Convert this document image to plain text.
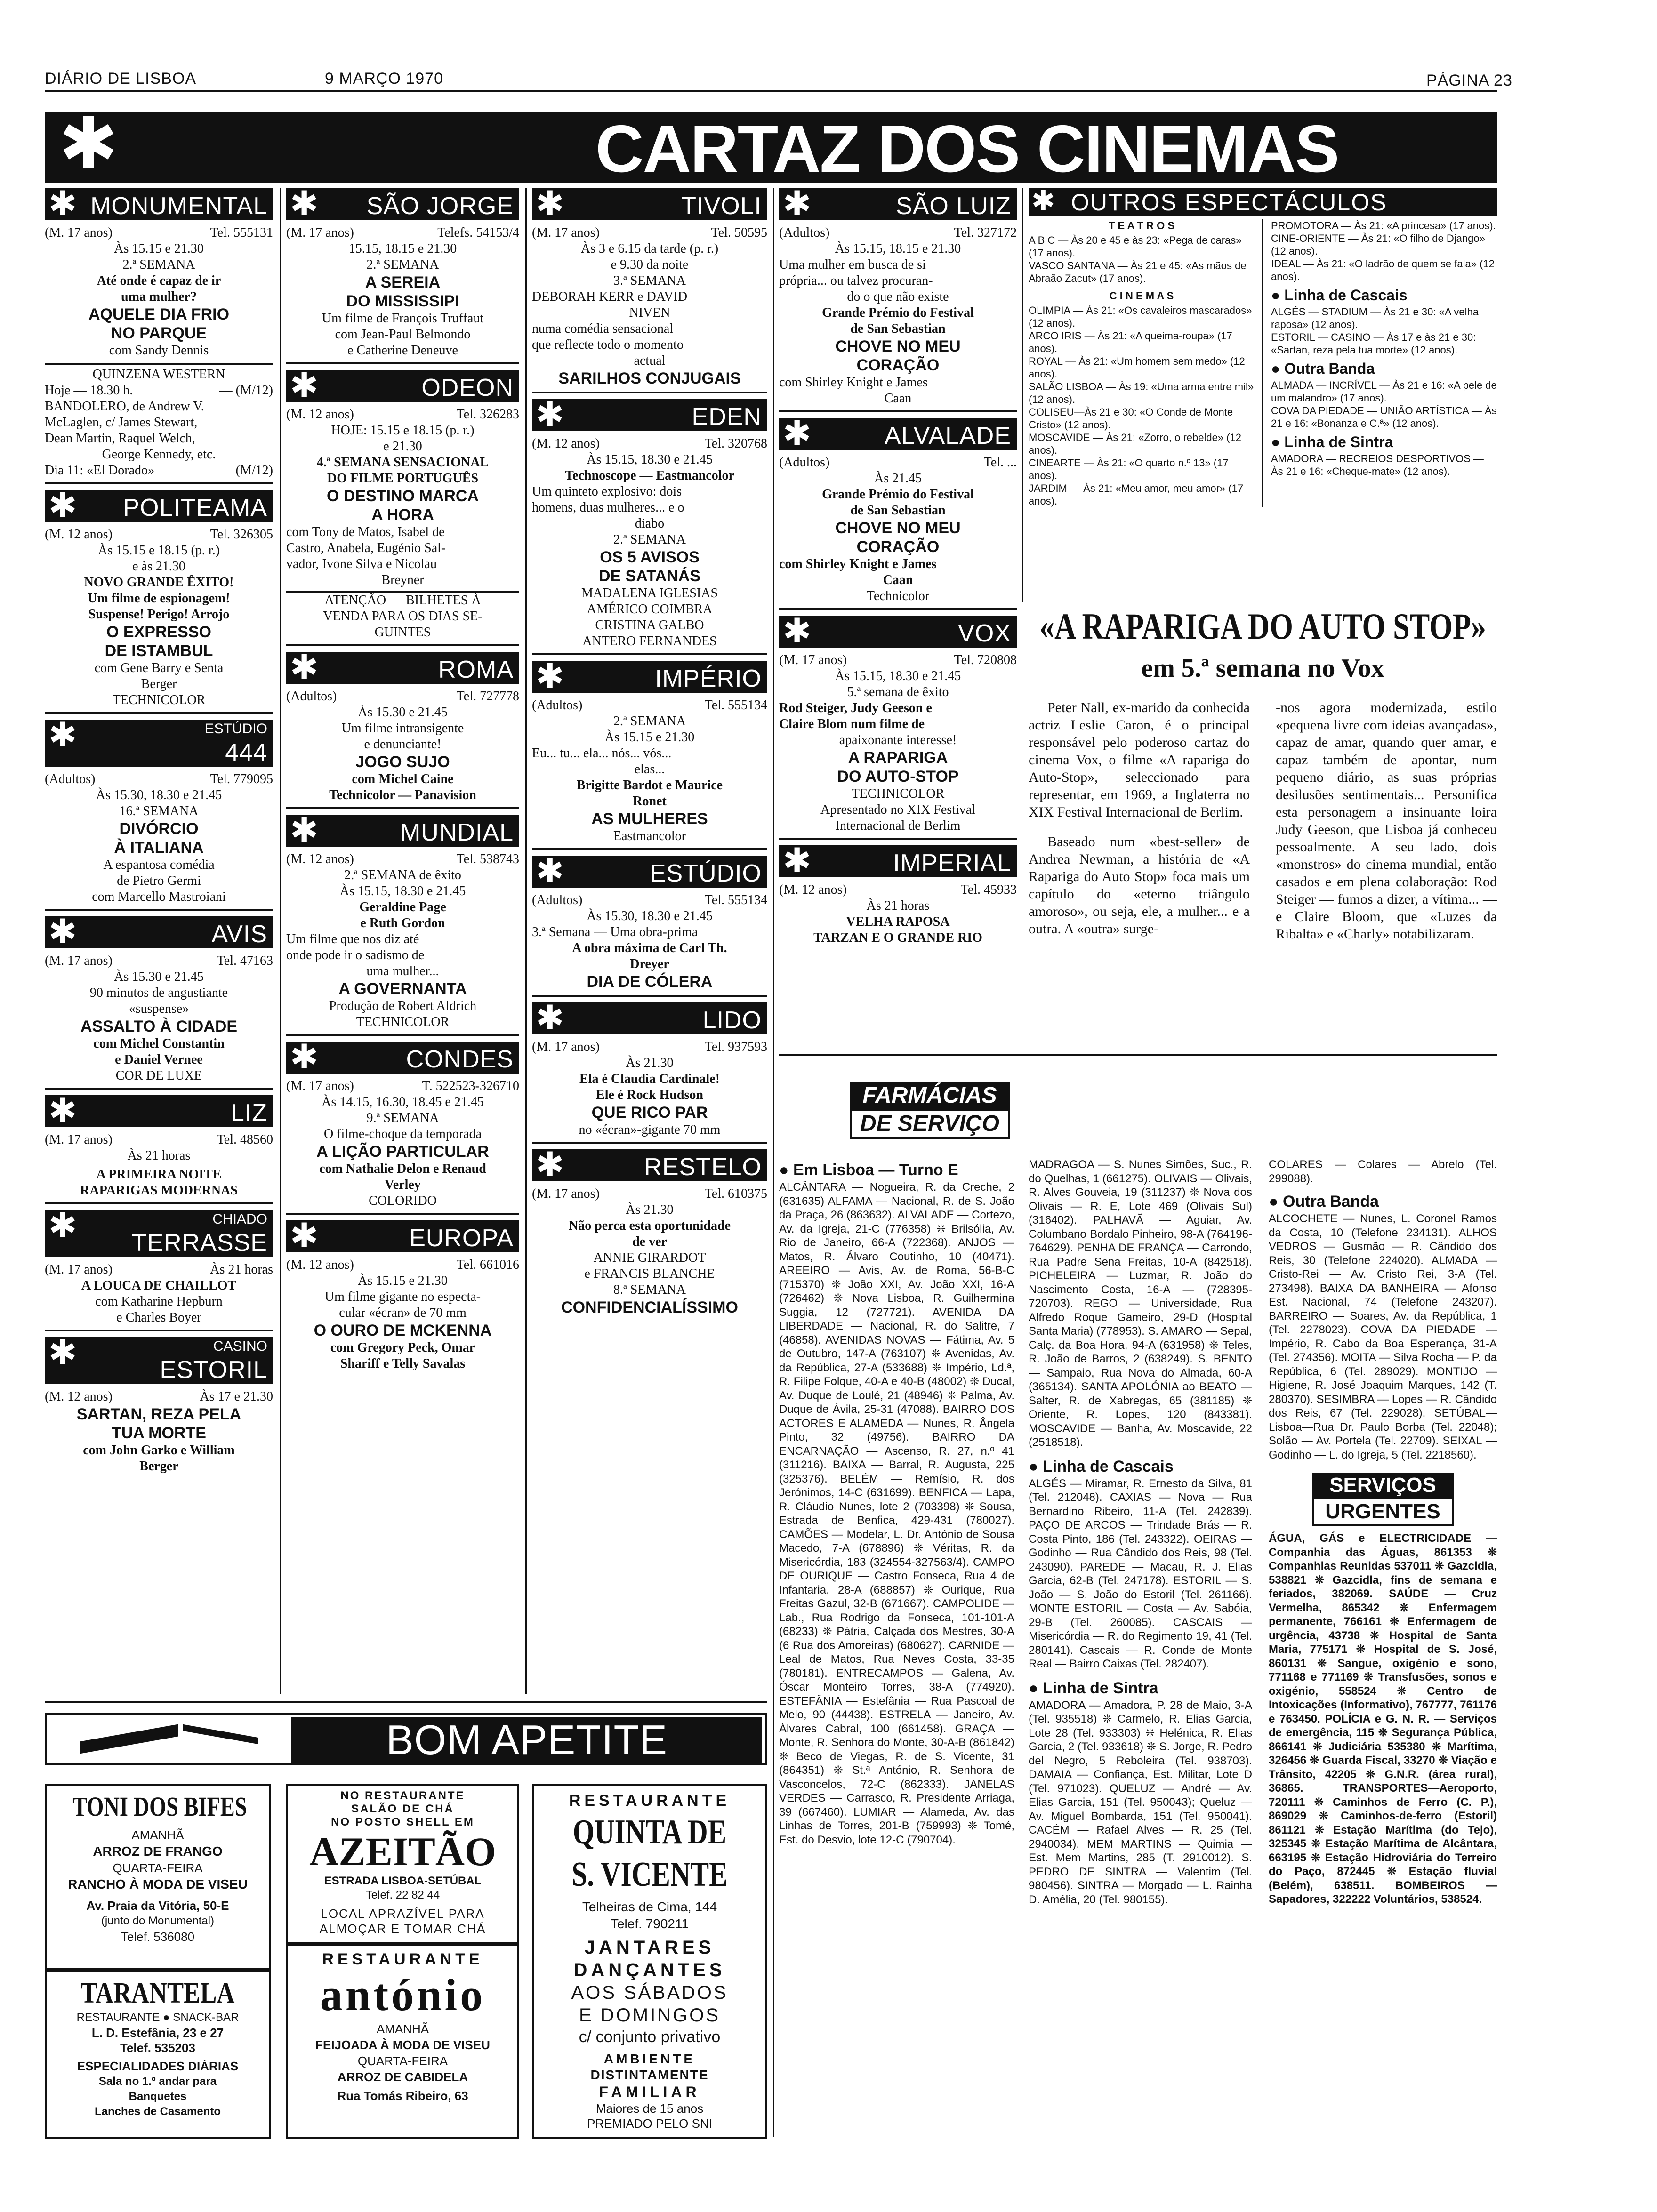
DIÁRIO DE LISBOA	9 MARÇO 1970	PÁGINA 23
✱	CARTAZ DOS CINEMAS
✱ MONUMENTAL
(M. 17 anos)	Tel. 555131
Às 15.15 e 21.30
2.ª SEMANA
Até onde é capaz de ir
uma mulher?
AQUELE DIA FRIO
NO PARQUE
com Sandy Dennis
QUINZENA WESTERN
Hoje — 18.30 h.	— (M/12)
BANDOLERO, de Andrew V.
McLaglen, c/ James Stewart,
Dean Martin, Raquel Welch,
George Kennedy, etc.
Dia 11: «El Dorado»	(M/12)
✱ POLITEAMA
(M. 12 anos)	Tel. 326305
Às 15.15 e 18.15 (p. r.)
e às 21.30
NOVO GRANDE ÊXITO!
Um filme de espionagem!
Suspense! Perigo! Arrojo
O EXPRESSO
DE ISTAMBUL
com Gene Barry e Senta
Berger
TECHNICOLOR
✱	ESTÚDIO
444
(Adultos)	Tel. 779095
Às 15.30, 18.30 e 21.45
16.ª SEMANA
DIVÓRCIO
À ITALIANA
A espantosa comédia
de Pietro Germi
com Marcello Mastroiani
✱	AVIS
(M. 17 anos)	Tel. 47163
Às 15.30 e 21.45
90 minutos de angustiante
«suspense»
ASSALTO À CIDADE
com Michel Constantin
e Daniel Vernee
COR DE LUXE
✱	LIZ
(M. 17 anos)	Tel. 48560
Às 21 horas
A PRIMEIRA NOITE
RAPARIGAS MODERNAS
✱	CHIADO
TERRASSE
(M. 17 anos)	Às 21 horas
A LOUCA DE CHAILLOT
com Katharine Hepburn
e Charles Boyer
✱	CASINO
ESTORIL
(M. 12 anos)	Às 17 e 21.30
SARTAN, REZA PELA
TUA MORTE
com John Garko e William
Berger
✱ SÃO JORGE
(M. 17 anos)	Telefs. 54153/4
15.15, 18.15 e 21.30
2.ª SEMANA
A SEREIA
DO MISSISSIPI
Um filme de François Truffaut
com Jean-Paul Belmondo
e Catherine Deneuve
✱	ODEON
(M. 12 anos)	Tel. 326283
HOJE: 15.15 e 18.15 (p. r.)
e 21.30
4.ª SEMANA SENSACIONAL
DO FILME PORTUGUÊS
O DESTINO MARCA
A HORA
com Tony de Matos, Isabel de
Castro, Anabela, Eugénio Sal-
vador, Ivone Silva e Nicolau
Breyner
ATENÇÃO — BILHETES À
VENDA PARA OS DIAS SE-
GUINTES
✱	ROMA
(Adultos)	Tel. 727778
Às 15.30 e 21.45
Um filme intransigente
e denunciante!
JOGO SUJO
com Michel Caine
Technicolor — Panavision
✱	MUNDIAL
(M. 12 anos)	Tel. 538743
2.ª SEMANA de êxito
Às 15.15, 18.30 e 21.45
Geraldine Page
e Ruth Gordon
Um filme que nos diz até
onde pode ir o sadismo de
uma mulher...
A GOVERNANTA
Produção de Robert Aldrich
TECHNICOLOR
✱	CONDES
(M. 17 anos)	T. 522523-326710
Às 14.15, 16.30, 18.45 e 21.45
9.ª SEMANA
O filme-choque da temporada
A LIÇÃO PARTICULAR
com Nathalie Delon e Renaud
Verley
COLORIDO
✱	EUROPA
(M. 12 anos)	Tel. 661016
Às 15.15 e 21.30
Um filme gigante no especta-
cular «écran» de 70 mm
O OURO DE MCKENNA
com Gregory Peck, Omar
Shariff e Telly Savalas
✱	TIVOLI
(M. 17 anos)	Tel. 50595
Às 3 e 6.15 da tarde (p. r.)
e 9.30 da noite
3.ª SEMANA
DEBORAH KERR e DAVID
NIVEN
numa comédia sensacional
que reflecte todo o momento
actual
SARILHOS CONJUGAIS
✱	EDEN
(M. 12 anos)	Tel. 320768
Às 15.15, 18.30 e 21.45
Technoscope — Eastmancolor
Um quinteto explosivo: dois
homens, duas mulheres... e o
diabo
2.ª SEMANA
OS 5 AVISOS
DE SATANÁS
MADALENA IGLESIAS
AMÉRICO COIMBRA
CRISTINA GALBO
ANTERO FERNANDES
✱	IMPÉRIO
(Adultos)	Tel. 555134
2.ª SEMANA
Às 15.15 e 21.30
Eu... tu... ela... nós... vós...
elas...
Brigitte Bardot e Maurice
Ronet
AS MULHERES
Eastmancolor
✱	ESTÚDIO
(Adultos)	Tel. 555134
Às 15.30, 18.30 e 21.45
3.ª Semana — Uma obra-prima
A obra máxima de Carl Th.
Dreyer
DIA DE CÓLERA
✱	LIDO
(M. 17 anos)	Tel. 937593
Às 21.30
Ela é Claudia Cardinale!
Ele é Rock Hudson
QUE RICO PAR
no «écran»-gigante 70 mm
✱	RESTELO
(M. 17 anos)	Tel. 610375
Às 21.30
Não perca esta oportunidade
de ver
ANNIE GIRARDOT
e FRANCIS BLANCHE
8.ª SEMANA
CONFIDENCIALÍSSIMO
✱	SÃO LUIZ
(Adultos)	Tel. 327172
Às 15.15, 18.15 e 21.30
Uma mulher em busca de si
própria... ou talvez procuran-
do o que não existe
Grande Prémio do Festival
de San Sebastian
CHOVE NO MEU
CORAÇÃO
com Shirley Knight e James
Caan
✱	ALVALADE
(Adultos)	Tel. ...
Às 21.45
Grande Prémio do Festival
de San Sebastian
CHOVE NO MEU
CORAÇÃO
com Shirley Knight e James
Caan
Technicolor
✱	VOX
(M. 17 anos)	Tel. 720808
Às 15.15, 18.30 e 21.45
5.ª semana de êxito
Rod Steiger, Judy Geeson e
Claire Blom num filme de
apaixonante interesse!
A RAPARIGA
DO AUTO-STOP
TECHNICOLOR
Apresentado no XIX Festival
Internacional de Berlim
✱	IMPERIAL
(M. 12 anos)	Tel. 45933
Às 21 horas
VELHA RAPOSA
TARZAN E O GRANDE RIO
✱ OUTROS ESPECTÁCULOS
T E A T R O S
A B C — Às 20 e 45 e às 23: «Pega de caras» (17 anos).
VASCO SANTANA — Às 21 e 45: «As mãos de Abraão Zacut» (17 anos).
C I N E M A S
OLIMPIA — Às 21: «Os cavaleiros mascarados» (12 anos).
ARCO IRIS — Às 21: «A queima-roupa» (17 anos).
ROYAL — Às 21: «Um homem sem medo» (12 anos).
SALÃO LISBOA — Às 19: «Uma arma entre mil» (12 anos).
COLISEU—Às 21 e 30: «O Conde de Monte Cristo» (12 anos).
MOSCAVIDE — Às 21: «Zorro, o rebelde» (12 anos).
CINEARTE — Às 21: «O quarto n.º 13» (17 anos).
JARDIM — Às 21: «Meu amor, meu amor» (17 anos).
PROMOTORA — Às 21: «A princesa» (17 anos).
CINE-ORIENTE — Às 21: «O filho de Django» (12 anos).
IDEAL — Às 21: «O ladrão de quem se fala» (12 anos).
● Linha de Cascais
ALGÉS — STADIUM — Às 21 e 30: «A velha raposa» (12 anos).
ESTORIL — CASINO — Às 17 e às 21 e 30: «Sartan, reza pela tua morte» (12 anos).
● Outra Banda
ALMADA — INCRÍVEL — Às 21 e 16: «A pele de um malandro» (17 anos).
COVA DA PIEDADE — UNIÃO ARTÍSTICA — Às 21 e 16: «Bonanza e C.ª» (12 anos).
● Linha de Sintra
AMADORA — RECREIOS DESPORTIVOS — Às 21 e 16: «Cheque-mate» (12 anos).
«A RAPARIGA DO AUTO STOP»
em 5.ª semana no Vox

Peter Nall, ex-marido da conhecida actriz Leslie Caron, é o principal responsável pelo poderoso cartaz do cinema Vox, o filme «A rapariga do Auto-Stop», seleccionado para representar, em 1969, a Inglaterra no XIX Festival Internacional de Berlim.

Baseado num «best-seller» de Andrea Newman, a história de «A Rapariga do Auto Stop» foca mais um capítulo do «eterno triângulo amoroso», ou seja, ele, a mulher... e a outra. A «outra» surge-

-nos agora modernizada, estilo «pequena livre com ideias avançadas», capaz de amar, quando quer amar, e capaz também de apontar, num pequeno diário, as suas próprias desilusões sentimentais... Personifica esta personagem a insinuante loira Judy Geeson, que Lisboa já conheceu pessoalmente. A seu lado, dois «monstros» do cinema mundial, então casados e em plena colaboração: Rod Steiger — fumos a dizer, a vítima... — e Claire Bloom, que «Luzes da Ribalta» e «Charly» notabilizaram.

FARMÁCIAS
DE SERVIÇO
● Em Lisboa — Turno E
ALCÂNTARA — Nogueira, R. da Creche, 2 (631635) ALFAMA — Nacional, R. de S. João da Praça, 26 (863632). ALVALADE — Cortezo, Av. da Igreja, 21-C (776358) ❊ Brilsólia, Av. Rio de Janeiro, 66-A (722368). ANJOS — Matos, R. Álvaro Coutinho, 10 (40471). AREEIRO — Avis, Av. de Roma, 56-B-C (715370) ❊ João XXI, Av. João XXI, 16-A (726462) ❊ Nova Lisboa, R. Guilhermina Suggia, 12 (727721). AVENIDA DA LIBERDADE — Nacional, R. do Salitre, 7 (46858). AVENIDAS NOVAS — Fátima, Av. 5 de Outubro, 147-A (763107) ❊ Avenidas, Av. da República, 27-A (533688) ❊ Império, Ld.ª, R. Filipe Folque, 40-A e 40-B (48002) ❊ Ducal, Av. Duque de Loulé, 21 (48946) ❊ Palma, Av. Duque de Ávila, 25-31 (47088). BAIRRO DOS ACTORES E ALAMEDA — Nunes, R. Ângela Pinto, 32 (49756). BAIRRO DA ENCARNAÇÃO — Ascenso, R. 27, n.º 41 (311216). BAIXA — Barral, R. Augusta, 225 (325376). BELÉM — Remísio, R. dos Jerónimos, 14-C (631699). BENFICA — Lapa, R. Cláudio Nunes, lote 2 (703398) ❊ Sousa, Estrada de Benfica, 429-431 (780027). CAMÕES — Modelar, L. Dr. António de Sousa Macedo, 7-A (678896) ❊ Véritas, R. da Misericórdia, 183 (324554-327563/4). CAMPO DE OURIQUE — Castro Fonseca, Rua 4 de Infantaria, 28-A (688857) ❊ Ourique, Rua Freitas Gazul, 32-B (671667). CAMPOLIDE — Lab., Rua Rodrigo da Fonseca, 101-101-A (68233) ❊ Pátria, Calçada dos Mestres, 30-A (6 Rua dos Amoreiras) (680627). CARNIDE — Leal de Matos, Rua Neves Costa, 33-35 (780181). ENTRECAMPOS — Galena, Av. Óscar Monteiro Torres, 38-A (774920). ESTEFÂNIA — Estefânia — Rua Pascoal de Melo, 90 (44438). ESTRELA — Janeiro, Av. Álvares Cabral, 100 (661458). GRAÇA — Monte, R. Senhora do Monte, 30-A-B (861842) ❊ Beco de Viegas, R. de S. Vicente, 31 (864351) ❊ St.ª António, R. Senhora de Vasconcelos, 72-C (862333). JANELAS VERDES — Carrasco, R. Presidente Arriaga, 39 (667460). LUMIAR — Alameda, Av. das Linhas de Torres, 201-B (759993) ❊ Tomé, Est. do Desvio, lote 12-C (790704).
MADRAGOA — S. Nunes Simões, Suc., R. do Quelhas, 1 (661275). OLIVAIS — Olivais, R. Alves Gouveia, 19 (311237) ❊ Nova dos Olivais — R. E, Lote 469 (Olivais Sul) (316402). PALHAVÃ — Aguiar, Av. Columbano Bordalo Pinheiro, 98-A (764196-764629). PENHA DE FRANÇA — Carrondo, Rua Padre Sena Freitas, 10-A (842518). PICHELEIRA — Luzmar, R. João do Nascimento Costa, 16-A — (728395-720703). REGO — Universidade, Rua Alfredo Roque Gameiro, 29-D (Hospital Santa Maria) (778953). S. AMARO — Sepal, Calç. da Boa Hora, 94-A (631958) ❊ Teles, R. João de Barros, 2 (638249). S. BENTO — Sampaio, Rua Nova do Almada, 60-A (365134). SANTA APOLÓNIA ao BEATO — Salter, R. de Xabregas, 65 (381185) ❊ Oriente, R. Lopes, 120 (843381). MOSCAVIDE — Banha, Av. Moscavide, 22 (2518518).
● Linha de Cascais
ALGÉS — Miramar, R. Ernesto da Silva, 81 (Tel. 212048). CAXIAS — Nova — Rua Bernardino Ribeiro, 11-A (Tel. 242839). PAÇO DE ARCOS — Trindade Brás — R. Costa Pinto, 186 (Tel. 243322). OEIRAS — Godinho — Rua Cândido dos Reis, 98 (Tel. 243090). PAREDE — Macau, R. J. Elias Garcia, 62-B (Tel. 247178). ESTORIL — S. João — S. João do Estoril (Tel. 261166). MONTE ESTORIL — Costa — Av. Sabóia, 29-B (Tel. 260085). CASCAIS — Misericórdia — R. do Regimento 19, 41 (Tel. 280141). Cascais — R. Conde de Monte Real — Bairro Caixas (Tel. 282407).
● Linha de Sintra
AMADORA — Amadora, P. 28 de Maio, 3-A (Tel. 935518) ❊ Carmelo, R. Elias Garcia, Lote 28 (Tel. 933303) ❊ Helénica, R. Elias Garcia, 2 (Tel. 933618) ❊ S. Jorge, R. Pedro del Negro, 5 Reboleira (Tel. 938703). DAMAIA — Confiança, Est. Militar, Lote D (Tel. 971023). QUELUZ — André — Av. Elias Garcia, 151 (Tel. 950043); Queluz — Av. Miguel Bombarda, 151 (Tel. 950041). CACÉM — Rafael Alves — R. 25 (Tel. 2940034). MEM MARTINS — Quimia — Est. Mem Martins, 285 (T. 2910012). S. PEDRO DE SINTRA — Valentim (Tel. 980456). SINTRA — Morgado — L. Rainha D. Amélia, 20 (Tel. 980155).
COLARES — Colares — Abrelo (Tel. 299088).
● Outra Banda
ALCOCHETE — Nunes, L. Coronel Ramos da Costa, 10 (Telefone 234131). ALHOS VEDROS — Gusmão — R. Cândido dos Reis, 30 (Telefone 224020). ALMADA — Cristo-Rei — Av. Cristo Rei, 3-A (Tel. 273498). BAIXA DA BANHEIRA — Afonso Est. Nacional, 74 (Telefone 243207). BARREIRO — Soares, Av. da República, 1 (Tel. 2278023). COVA DA PIEDADE — Império, R. Cabo da Boa Esperança, 31-A (Tel. 274356). MOITA — Silva Rocha — P. da República, 6 (Tel. 289029). MONTIJO — Higiene, R. José Joaquim Marques, 142 (T. 280370). SESIMBRA — Lopes — R. Cândido dos Reis, 67 (Tel. 229028). SETÚBAL—Lisboa—Rua Dr. Paulo Borba (Tel. 22048); Solão — Av. Portela (Tel. 22709). SEIXAL — Godinho — L. do Igreja, 5 (Tel. 2218560).
SERVIÇOS
URGENTES
ÁGUA, GÁS e ELECTRICIDADE — Companhia das Águas, 861353 ❊ Companhias Reunidas 537011 ❊ Gazcidla, 538821 ❊ Gazcidla, fins de semana e feriados, 382069. SAÚDE — Cruz Vermelha, 865342 ❊ Enfermagem permanente, 766161 ❊ Enfermagem de urgência, 43738 ❊ Hospital de Santa Maria, 775171 ❊ Hospital de S. José, 860131 ❊ Sangue, oxigénio e sono, 771168 e 771169 ❊ Transfusões, sonos e oxigénio, 558524 ❊ Centro de Intoxicações (Informativo), 767777, 761176 e 763450. POLÍCIA e G. N. R. — Serviços de emergência, 115 ❊ Segurança Pública, 866141 ❊ Judiciária 535380 ❊ Marítima, 326456 ❊ Guarda Fiscal, 33270 ❊ Viação e Trânsito, 42205 ❊ G.N.R. (área rural), 36865. TRANSPORTES—Aeroporto, 720111 ❊ Caminhos de Ferro (C. P.), 869029 ❊ Caminhos-de-ferro (Estoril) 861121 ❊ Estação Marítima (do Tejo), 325345 ❊ Estação Marítima de Alcântara, 663195 ❊ Estação Hidroviária do Terreiro do Paço, 872445 ❊ Estação fluvial (Belém), 638511. BOMBEIROS — Sapadores, 322222 Voluntários, 538524.
BOM APETITE
TONI DOS BIFES
AMANHÃ
ARROZ DE FRANGO
QUARTA-FEIRA
RANCHO À MODA DE VISEU
Av. Praia da Vitória, 50-E
(junto do Monumental)
Telef. 536080
TARANTELA
RESTAURANTE ● SNACK-BAR
L. D. Estefânia, 23 e 27
Telef. 535203
ESPECIALIDADES DIÁRIAS
Sala no 1.º andar para
Banquetes
Lanches de Casamento
NO RESTAURANTE
SALÃO DE CHÁ
NO POSTO SHELL EM
AZEITÃO
ESTRADA LISBOA-SETÚBAL
Telef. 22 82 44
LOCAL APRAZÍVEL PARA
ALMOÇAR E TOMAR CHÁ
RESTAURANTE
antónio
AMANHÃ
FEIJOADA À MODA DE VISEU
QUARTA-FEIRA
ARROZ DE CABIDELA
Rua Tomás Ribeiro, 63
RESTAURANTE
QUINTA DE
S. VICENTE
Telheiras de Cima, 144
Telef. 790211
JANTARES
DANÇANTES
AOS SÁBADOS
E DOMINGOS
c/ conjunto privativo
AMBIENTE
DISTINTAMENTE
FAMILIAR
Maiores de 15 anos
PREMIADO PELO SNI
